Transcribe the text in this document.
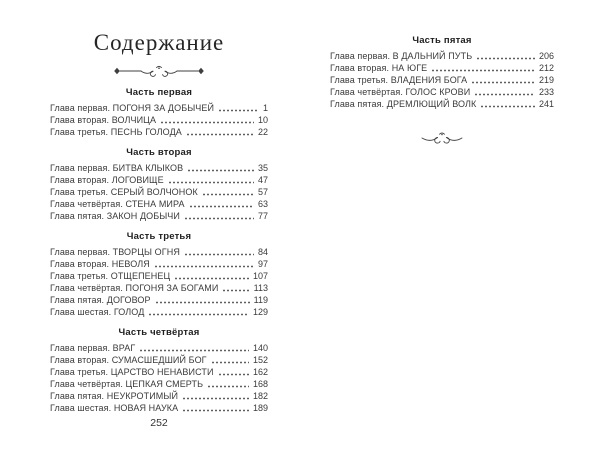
Содержание
Часть первая
Глава первая. ПОГОНЯ ЗА ДОБЫЧЕЙ	1
Глава вторая. ВОЛЧИЦА	10
Глава третья. ПЕСНЬ ГОЛОДА	22
Часть вторая
Глава первая. БИТВА КЛЫКОВ	35
Глава вторая. ЛОГОВИЩЕ	47
Глава третья. СЕРЫЙ ВОЛЧОНОК	57
Глава четвёртая. СТЕНА МИРА	63
Глава пятая. ЗАКОН ДОБЫЧИ	77
Часть третья
Глава первая. ТВОРЦЫ ОГНЯ	84
Глава вторая. НЕВОЛЯ	97
Глава третья. ОТЩЕПЕНЕЦ	107
Глава четвёртая. ПОГОНЯ ЗА БОГАМИ	113
Глава пятая. ДОГОВОР	119
Глава шестая. ГОЛОД	129
Часть четвёртая
Глава первая. ВРАГ	140
Глава вторая. СУМАСШЕДШИЙ БОГ	152
Глава третья. ЦАРСТВО НЕНАВИСТИ	162
Глава четвёртая. ЦЕПКАЯ СМЕРТЬ	168
Глава пятая. НЕУКРОТИМЫЙ	182
Глава шестая. НОВАЯ НАУКА	189
Часть пятая
Глава первая. В ДАЛЬНИЙ ПУТЬ	206
Глава вторая. НА ЮГЕ	212
Глава третья. ВЛАДЕНИЯ БОГА	219
Глава четвёртая. ГОЛОС КРОВИ	233
Глава пятая. ДРЕМЛЮЩИЙ ВОЛК	241
252
